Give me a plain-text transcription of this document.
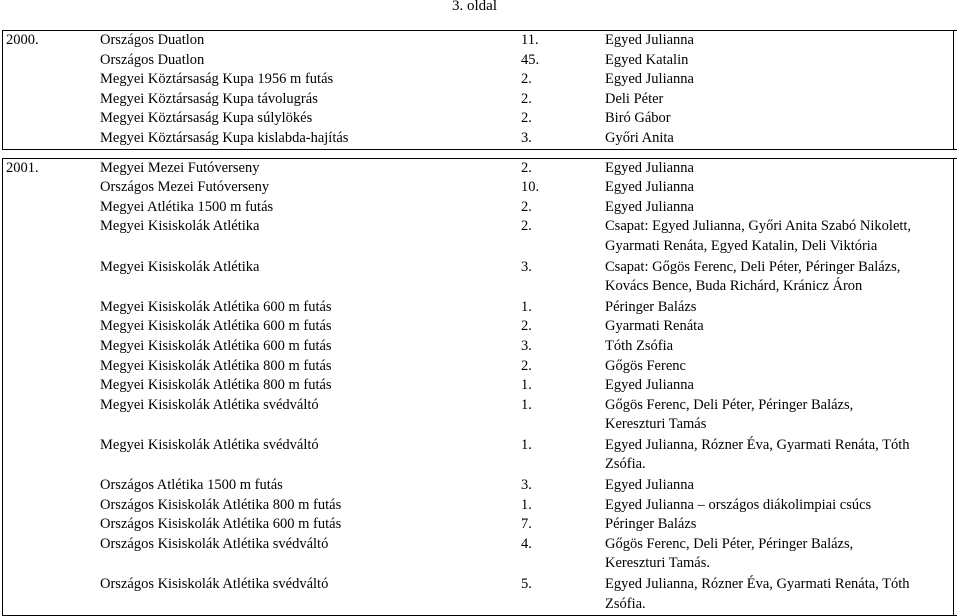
3. oldal
2000.	Országos Duatlon	11.	Egyed Julianna
Országos Duatlon	45.	Egyed Katalin
Megyei Köztársaság Kupa 1956 m futás	2.	Egyed Julianna
Megyei Köztársaság Kupa távolugrás	2.	Deli Péter
Megyei Köztársaság Kupa súlylökés	2.	Biró Gábor
Megyei Köztársaság Kupa kislabda-hajítás	3.	Győri Anita
2001.	Megyei Mezei Futóverseny	2.	Egyed Julianna
Országos Mezei Futóverseny	10.	Egyed Julianna
Megyei Atlétika 1500 m futás	2.	Egyed Julianna
Megyei Kisiskolák Atlétika	2.	Csapat: Egyed Julianna, Győri Anita Szabó Nikolett,
Gyarmati Renáta, Egyed Katalin, Deli Viktória
Megyei Kisiskolák Atlétika	3.	Csapat: Gőgös Ferenc, Deli Péter, Péringer Balázs,
Kovács Bence, Buda Richárd, Kránicz Áron
Megyei Kisiskolák Atlétika 600 m futás	1.	Péringer Balázs
Megyei Kisiskolák Atlétika 600 m futás	2.	Gyarmati Renáta
Megyei Kisiskolák Atlétika 600 m futás	3.	Tóth Zsófia
Megyei Kisiskolák Atlétika 800 m futás	2.	Gőgös Ferenc
Megyei Kisiskolák Atlétika 800 m futás	1.	Egyed Julianna
Megyei Kisiskolák Atlétika svédváltó	1.	Gőgös Ferenc, Deli Péter, Péringer Balázs,
Kereszturi Tamás
Megyei Kisiskolák Atlétika svédváltó	1.	Egyed Julianna, Rózner Éva, Gyarmati Renáta, Tóth
Zsófia.
Országos Atlétika 1500 m futás	3.	Egyed Julianna
Országos Kisiskolák Atlétika 800 m futás	1.	Egyed Julianna – országos diákolimpiai csúcs
Országos Kisiskolák Atlétika 600 m futás	7.	Péringer Balázs
Országos Kisiskolák Atlétika svédváltó	4.	Gőgös Ferenc, Deli Péter, Péringer Balázs,
Kereszturi Tamás.
Országos Kisiskolák Atlétika svédváltó	5.	Egyed Julianna, Rózner Éva, Gyarmati Renáta, Tóth
Zsófia.
